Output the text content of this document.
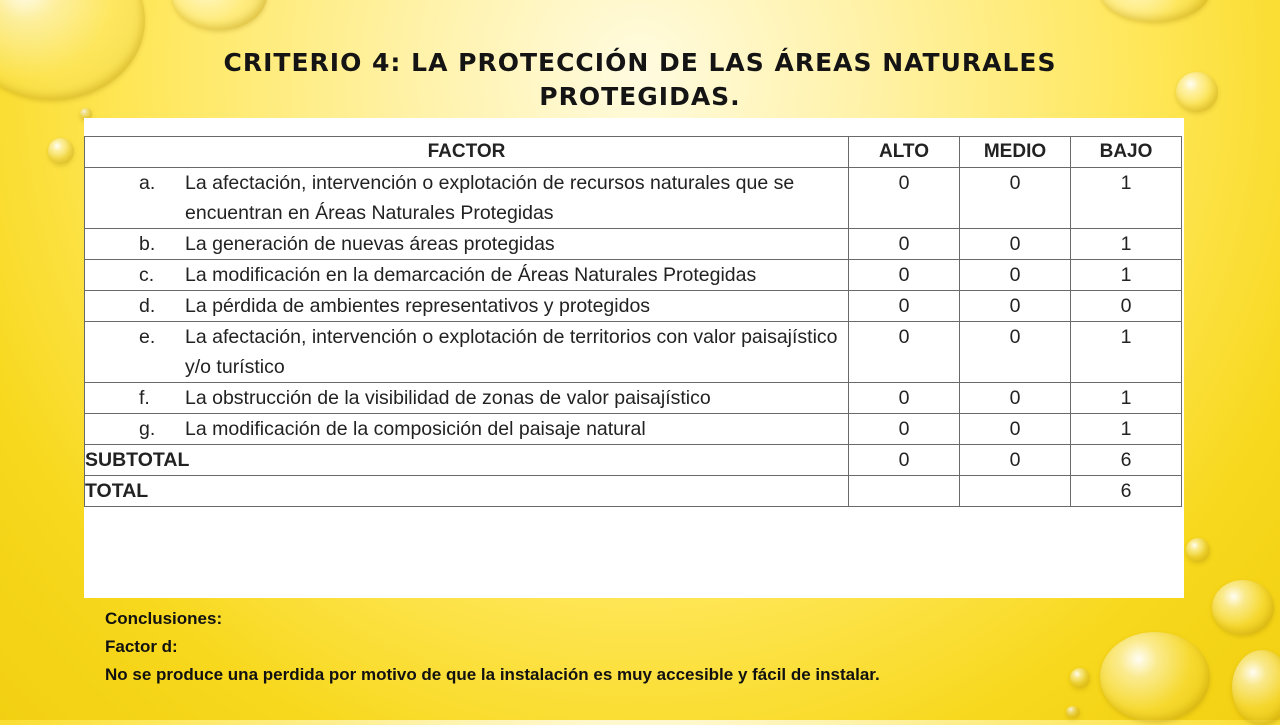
CRITERIO 4: LA PROTECCIÓN DE LAS ÁREAS NATURALES PROTEGIDAS.
FACTOR	ALTO	MEDIO	BAJO
a. La afectación, intervención o explotación de recursos naturales que se encuentran en Áreas Naturales Protegidas	0	0	1
b. La generación de nuevas áreas protegidas	0	0	1
c. La modificación en la demarcación de Áreas Naturales Protegidas	0	0	1
d. La pérdida de ambientes representativos y protegidos	0	0	0
e. La afectación, intervención o explotación de territorios con valor paisajístico y/o turístico	0	0	1
f. La obstrucción de la visibilidad de zonas de valor paisajístico	0	0	1
g. La modificación de la composición del paisaje natural	0	0	1
SUBTOTAL	0	0	6
TOTAL			6
Conclusiones:
Factor d:
No se produce una perdida por motivo de que la instalación es muy accesible y fácil de instalar.
